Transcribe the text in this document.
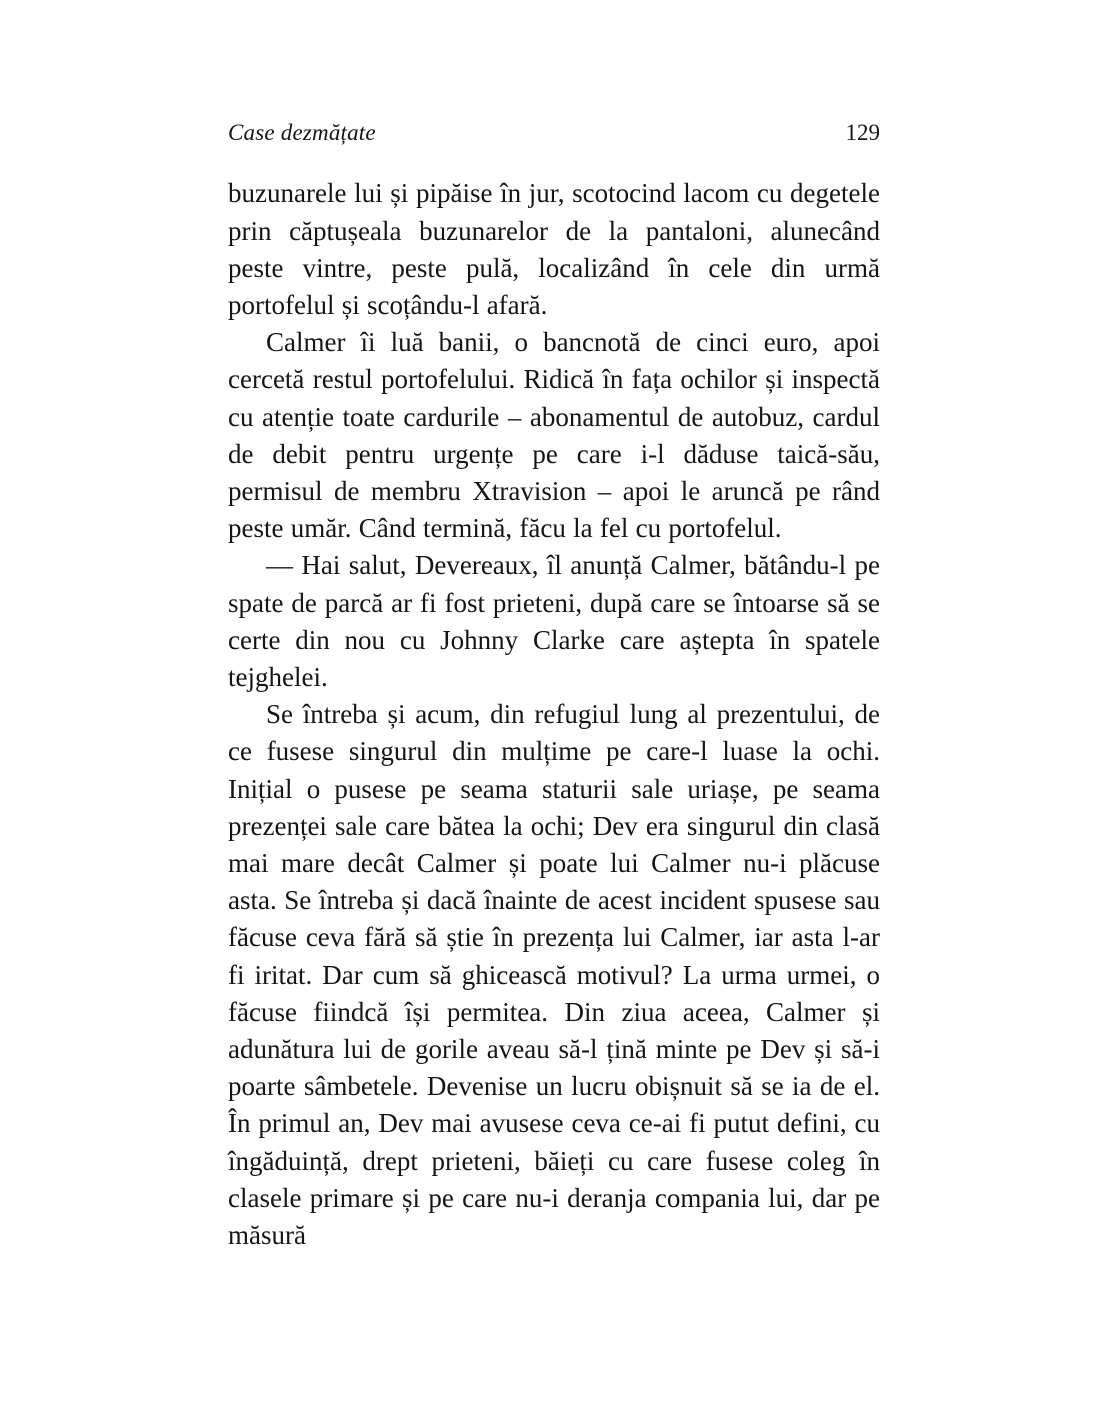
Case dezmățate	129

buzunarele lui și pipăise în jur, scotocind lacom cu degetele prin căptușeala buzunarelor de la pantaloni, alunecând peste vintre, peste pulă, localizând în cele din urmă portofelul și scoțându-l afară.

Calmer îi luă banii, o bancnotă de cinci euro, apoi cercetă restul portofelului. Ridică în fața ochilor și inspectă cu atenție toate cardurile – abonamentul de autobuz, cardul de debit pentru urgențe pe care i-l dăduse taică-său, permisul de membru Xtravision – apoi le aruncă pe rând peste umăr. Când termină, făcu la fel cu portofelul.

— Hai salut, Devereaux, îl anunță Calmer, bătându-l pe spate de parcă ar fi fost prieteni, după care se întoarse să se certe din nou cu Johnny Clarke care aștepta în spatele tejghelei.

Se întreba și acum, din refugiul lung al prezentului, de ce fusese singurul din mulțime pe care-l luase la ochi. Inițial o pusese pe seama staturii sale uriașe, pe seama prezenței sale care bătea la ochi; Dev era singurul din clasă mai mare decât Calmer și poate lui Calmer nu-i plăcuse asta. Se întreba și dacă înainte de acest incident spusese sau făcuse ceva fără să știe în prezența lui Calmer, iar asta l-ar fi iritat. Dar cum să ghicească motivul? La urma urmei, o făcuse fiindcă își permitea. Din ziua aceea, Calmer și adunătura lui de gorile aveau să-l țină minte pe Dev și să-i poarte sâmbetele. Devenise un lucru obișnuit să se ia de el. În primul an, Dev mai avusese ceva ce-ai fi putut defini, cu îngăduință, drept prieteni, băieți cu care fusese coleg în clasele primare și pe care nu-i deranja compania lui, dar pe măsură
